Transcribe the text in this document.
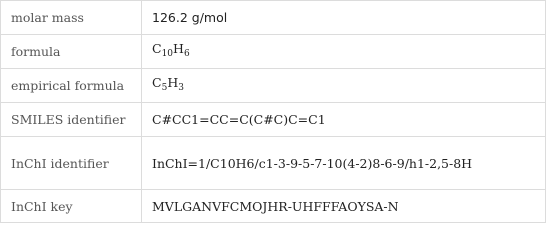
molar mass	126.2 g/mol
formula	$C_{10}H_6$
empirical formula	$C_5H_3$
SMILES identifier	C#CC1=CC=C(C#C)C=C1
InChI identifier	InChI=1/C10H6/c1-3-9-5-7-10(4-2)8-6-9/h1-2,5-8H
InChI key	MVLGANVFCMOJHR-UHFFFAOYSA-N
